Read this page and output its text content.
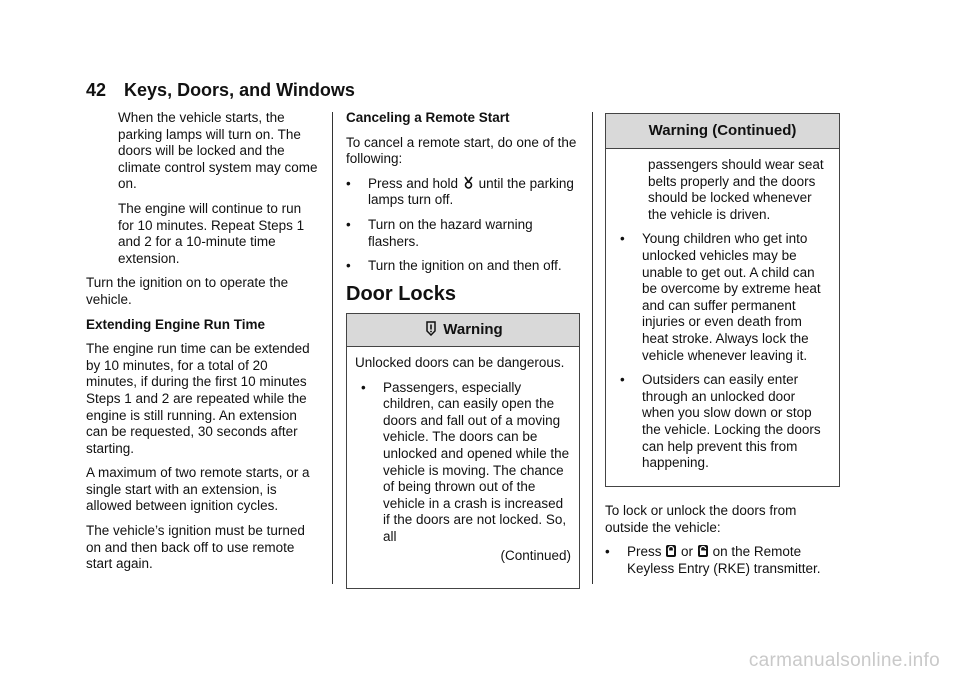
42 Keys, Doors, and Windows

When the vehicle starts, the parking lamps will turn on. The doors will be locked and the climate control system may come on.

The engine will continue to run for 10 minutes. Repeat Steps 1 and 2 for a 10-minute time extension.

Turn the ignition on to operate the vehicle.

Extending Engine Run Time

The engine run time can be extended by 10 minutes, for a total of 20 minutes, if during the first 10 minutes Steps 1 and 2 are repeated while the engine is still running. An extension can be requested, 30 seconds after starting.

A maximum of two remote starts, or a single start with an extension, is allowed between ignition cycles.

The vehicle’s ignition must be turned on and then back off to use remote start again.

Canceling a Remote Start

To cancel a remote start, do one of the following:

• Press and hold until the parking lamps turn off.
• Turn on the hazard warning flashers.
• Turn the ignition on and then off.
Door Locks
Warning

Unlocked doors can be dangerous.

• Passengers, especially children, can easily open the doors and fall out of a moving vehicle. The doors can be unlocked and opened while the vehicle is moving. The chance of being thrown out of the vehicle in a crash is increased if the doors are not locked. So, all
(Continued)
Warning (Continued)

passengers should wear seat belts properly and the doors should be locked whenever the vehicle is driven.

• Young children who get into unlocked vehicles may be unable to get out. A child can be overcome by extreme heat and can suffer permanent injuries or even death from heat stroke. Always lock the vehicle whenever leaving it.
• Outsiders can easily enter through an unlocked door when you slow down or stop the vehicle. Locking the doors can help prevent this from happening.

To lock or unlock the doors from outside the vehicle:

• Press or on the Remote Keyless Entry (RKE) transmitter.
carmanualsonline.info
